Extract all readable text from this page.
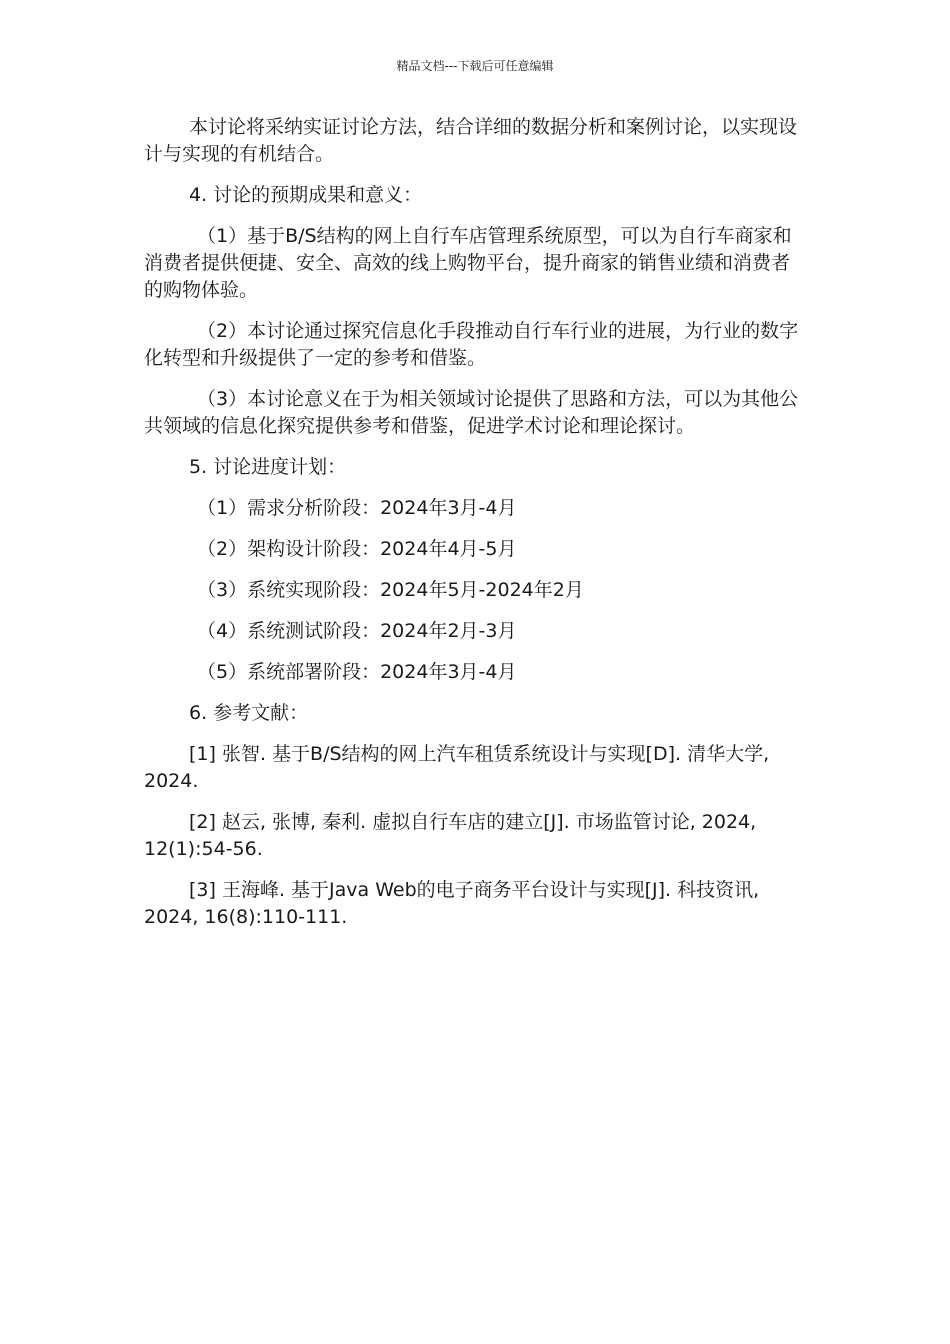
精品文档---下载后可任意编辑

本讨论将采纳实证讨论方法，结合详细的数据分析和案例讨论，以实现设计与实现的有机结合。

4. 讨论的预期成果和意义：

（1）基于B/S结构的网上自行车店管理系统原型，可以为自行车商家和消费者提供便捷、安全、高效的线上购物平台，提升商家的销售业绩和消费者的购物体验。

（2）本讨论通过探究信息化手段推动自行车行业的进展，为行业的数字化转型和升级提供了一定的参考和借鉴。

（3）本讨论意义在于为相关领域讨论提供了思路和方法，可以为其他公共领域的信息化探究提供参考和借鉴，促进学术讨论和理论探讨。

5. 讨论进度计划：

（1）需求分析阶段：2024年3月-4月

（2）架构设计阶段：2024年4月-5月

（3）系统实现阶段：2024年5月-2024年2月

（4）系统测试阶段：2024年2月-3月

（5）系统部署阶段：2024年3月-4月

6. 参考文献：

[1] 张智. 基于B/S结构的网上汽车租赁系统设计与实现[D]. 清华大学, 2024.

[2] 赵云, 张博, 秦利. 虚拟自行车店的建立[J]. 市场监管讨论, 2024, 12(1):54-56.

[3] 王海峰. 基于Java Web的电子商务平台设计与实现[J]. 科技资讯, 2024, 16(8):110-111.
